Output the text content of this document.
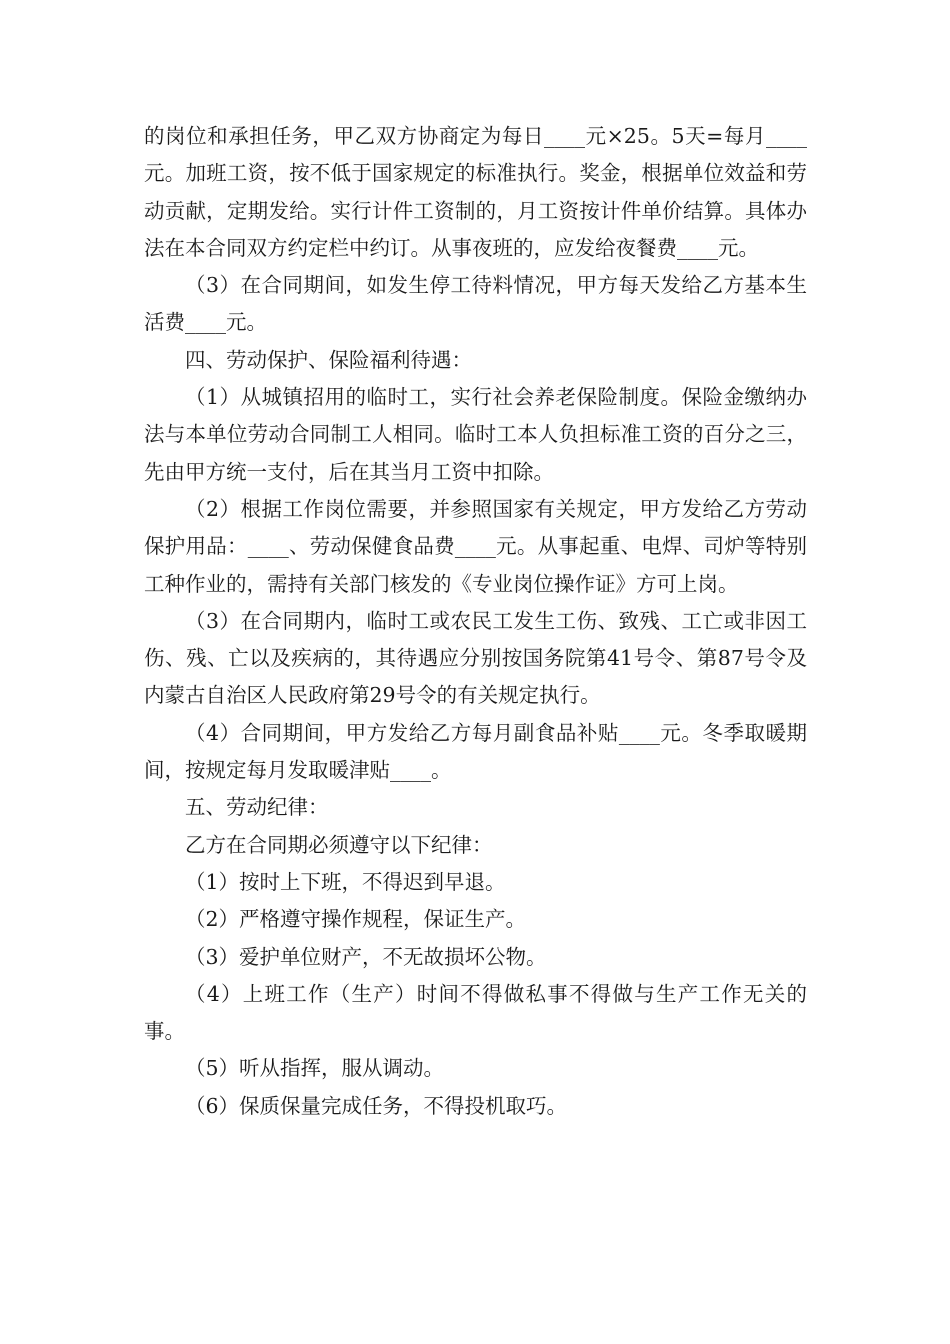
的岗位和承担任务，甲乙双方协商定为每日____元×25。5天=每月____元。加班工资，按不低于国家规定的标准执行。奖金，根据单位效益和劳动贡献，定期发给。实行计件工资制的，月工资按计件单价结算。具体办法在本合同双方约定栏中约订。从事夜班的，应发给夜餐费____元。

（3）在合同期间，如发生停工待料情况，甲方每天发给乙方基本生活费____元。

四、劳动保护、保险福利待遇：

（1）从城镇招用的临时工，实行社会养老保险制度。保险金缴纳办法与本单位劳动合同制工人相同。临时工本人负担标准工资的百分之三，先由甲方统一支付，后在其当月工资中扣除。

（2）根据工作岗位需要，并参照国家有关规定，甲方发给乙方劳动保护用品：____、劳动保健食品费____元。从事起重、电焊、司炉等特别工种作业的，需持有关部门核发的《专业岗位操作证》方可上岗。

（3）在合同期内，临时工或农民工发生工伤、致残、工亡或非因工伤、残、亡以及疾病的，其待遇应分别按国务院第41号令、第87号令及内蒙古自治区人民政府第29号令的有关规定执行。

（4）合同期间，甲方发给乙方每月副食品补贴____元。冬季取暖期间，按规定每月发取暖津贴____。

五、劳动纪律：

乙方在合同期必须遵守以下纪律：

（1）按时上下班，不得迟到早退。

（2）严格遵守操作规程，保证生产。

（3）爱护单位财产，不无故损坏公物。

（4）上班工作（生产）时间不得做私事不得做与生产工作无关的事。

（5）听从指挥，服从调动。

（6）保质保量完成任务，不得投机取巧。
